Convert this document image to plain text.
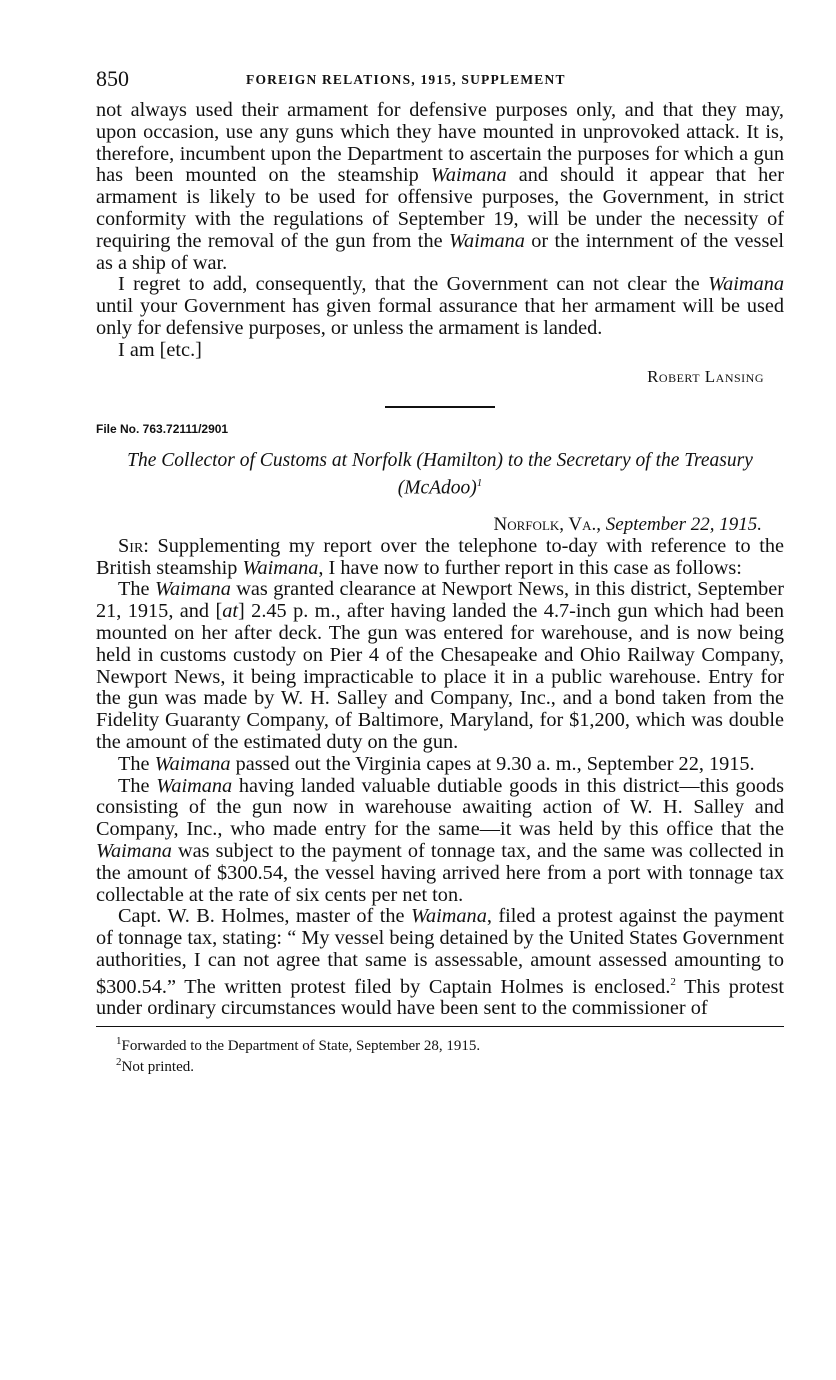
850	FOREIGN RELATIONS, 1915, SUPPLEMENT

not always used their armament for defensive purposes only, and that they may, upon occasion, use any guns which they have mounted in unprovoked attack. It is, therefore, incumbent upon the Department to ascertain the purposes for which a gun has been mounted on the steamship Waimana and should it appear that her armament is likely to be used for offensive purposes, the Government, in strict conformity with the regulations of September 19, will be under the necessity of requiring the removal of the gun from the Waimana or the internment of the vessel as a ship of war.

I regret to add, consequently, that the Government can not clear the Waimana until your Government has given formal assurance that her armament will be used only for defensive purposes, or unless the armament is landed.

I am [etc.]

Robert Lansing
File No. 763.72111/2901
The Collector of Customs at Norfolk (Hamilton) to the Secretary of the Treasury (McAdoo)$^1$
Norfolk, Va., September 22, 1915.

Sir: Supplementing my report over the telephone to-day with reference to the British steamship Waimana, I have now to further report in this case as follows:

The Waimana was granted clearance at Newport News, in this district, September 21, 1915, and [at] 2.45 p. m., after having landed the 4.7-inch gun which had been mounted on her after deck. The gun was entered for warehouse, and is now being held in customs custody on Pier 4 of the Chesapeake and Ohio Railway Company, Newport News, it being impracticable to place it in a public warehouse. Entry for the gun was made by W. H. Salley and Company, Inc., and a bond taken from the Fidelity Guaranty Company, of Baltimore, Maryland, for $1,200, which was double the amount of the estimated duty on the gun.

The Waimana passed out the Virginia capes at 9.30 a. m., September 22, 1915.

The Waimana having landed valuable dutiable goods in this district—this goods consisting of the gun now in warehouse awaiting action of W. H. Salley and Company, Inc., who made entry for the same—it was held by this office that the Waimana was subject to the payment of tonnage tax, and the same was collected in the amount of $300.54, the vessel having arrived here from a port with tonnage tax collectable at the rate of six cents per net ton.

Capt. W. B. Holmes, master of the Waimana, filed a protest against the payment of tonnage tax, stating: “ My vessel being detained by the United States Government authorities, I can not agree that same is assessable, amount assessed amounting to $300.54.” The written protest filed by Captain Holmes is enclosed.$^2$ This protest under ordinary circumstances would have been sent to the commissioner of

$^1$Forwarded to the Department of State, September 28, 1915.
$^2$Not printed.
